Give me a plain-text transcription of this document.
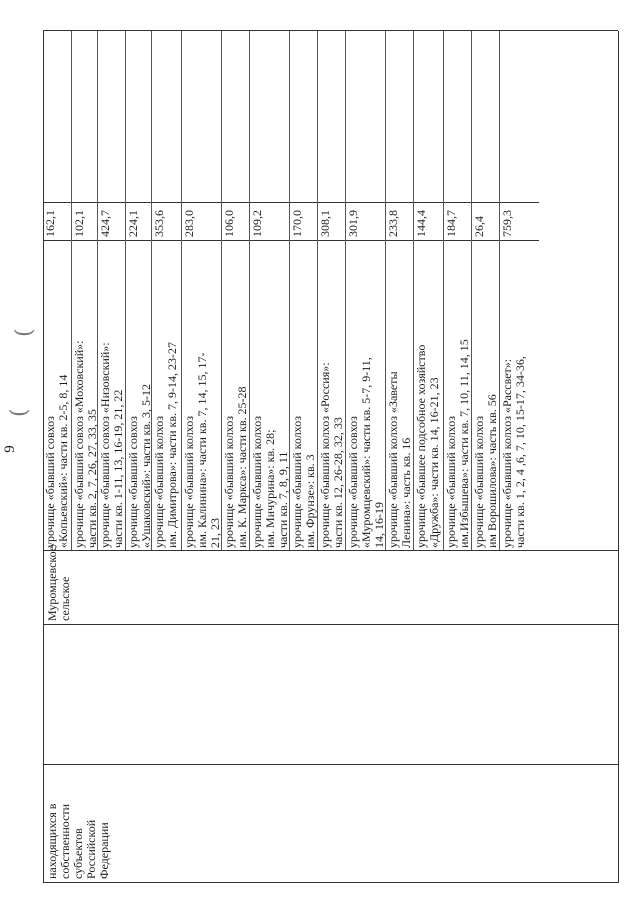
9
(
(
находящихся в собственности
субъектов Российской
Федерации
урочище «бывший совхоз
«Копьевский»: части кв. 2-5, 8, 14
162,1
урочище «бывший совхоз «Моховский»:
части кв. 2, 7, 26, 27, 33, 35
102,1
урочище «бывший совхоз «Низовский»:
части кв. 1-11, 13, 16-19, 21, 22
424,7
урочище «бывший совхоз
«Ушаковский»: части кв. 3, 5-12
224,1
урочище «бывший колхоз
им. Димитрова»: части кв. 7, 9-14, 23-27
353,6
урочище «бывший колхоз
им. Калинина»: части кв. 7, 14, 15, 17-
21, 23
283,0
урочище «бывший колхоз
им. К. Маркса»: части кв. 25-28
106,0
урочище «бывший колхоз
им. Мичурина»: кв. 28;
части кв. 7, 8, 9, 11
109,2
урочище «бывший колхоз
им. Фрунзе»: кв. 3
170,0
урочище «бывший колхоз «Россия»:
части кв. 12, 26-28, 32, 33
308,1
урочище «бывший совхоз
«Муромцевский»: части кв. 5-7, 9-11,
14, 16-19
301,9
урочище «бывший колхоз «Заветы
Ленина»: часть кв. 16
233,8
урочище «бывшее подсобное хозяйство
«Дружба»: части кв. 14, 16-21, 23
144,4
урочище «бывший колхоз
им.Избышева»: части кв. 7, 10, 11, 14, 15
184,7
урочище «бывший колхоз
им Ворошилова»: часть кв. 56
26,4
урочище «бывший колхоз «Рассвет»:
части кв. 1, 2, 4 ,6, 7, 10, 15-17, 34-36,
759,3
Муромцевское
сельское
